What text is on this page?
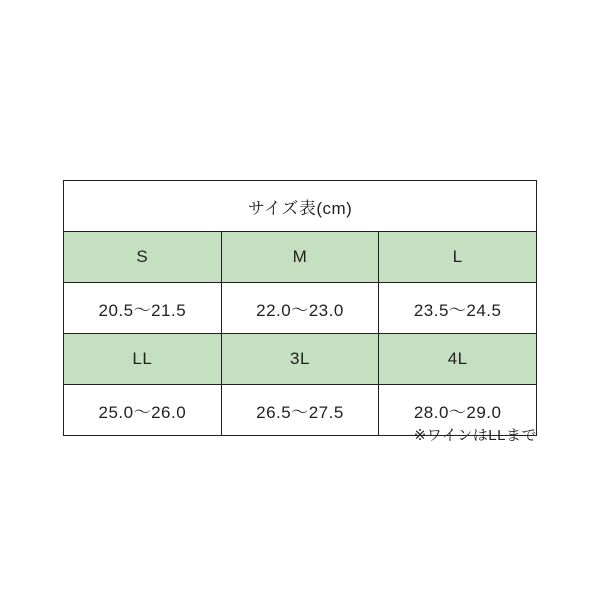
サイズ表(cm)		
S	M	L
20.5〜21.5	22.0〜23.0	23.5〜24.5
LL	3L	4L
25.0〜26.0	26.5〜27.5	28.0〜29.0
※ワインはLLまで
